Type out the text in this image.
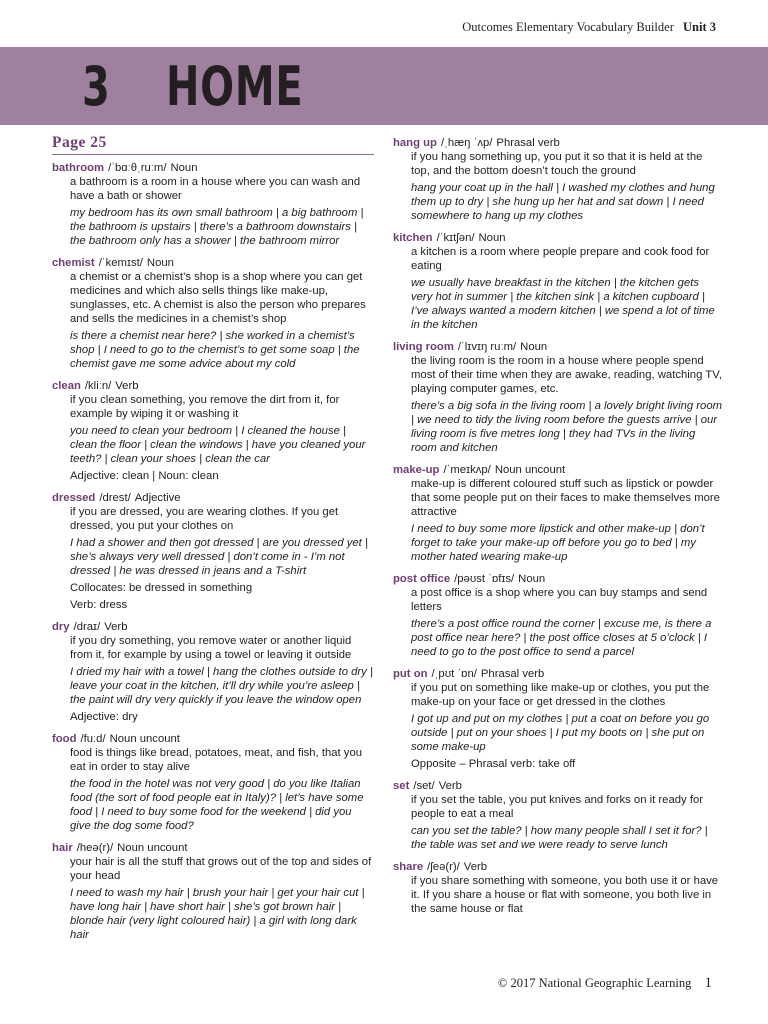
Outcomes Elementary Vocabulary Builder Unit 3
3 HOME
Page 25
bathroom /ˈbɑːθˌruːm/ Noun
a bathroom is a room in a house where you can wash and have a bath or shower
my bedroom has its own small bathroom | a big bathroom | the bathroom is upstairs | there’s a bathroom downstairs | the bathroom only has a shower | the bathroom mirror
chemist /ˈkemɪst/ Noun
a chemist or a chemist’s shop is a shop where you can get medicines and which also sells things like make-up, sunglasses, etc. A chemist is also the person who prepares and sells the medicines in a chemist’s shop
is there a chemist near here? | she worked in a chemist’s shop | I need to go to the chemist’s to get some soap | the chemist gave me some advice about my cold
clean /kliːn/ Verb
if you clean something, you remove the dirt from it, for example by wiping it or washing it
you need to clean your bedroom | I cleaned the house | clean the floor | clean the windows | have you cleaned your teeth? | clean your shoes | clean the car
Adjective: clean | Noun: clean
dressed /drest/ Adjective
if you are dressed, you are wearing clothes. If you get dressed, you put your clothes on
I had a shower and then got dressed | are you dressed yet | she’s always very well dressed | don’t come in - I’m not dressed | he was dressed in jeans and a T-shirt
Collocates: be dressed in something
Verb: dress
dry /draɪ/ Verb
if you dry something, you remove water or another liquid from it, for example by using a towel or leaving it outside
I dried my hair with a towel | hang the clothes outside to dry | leave your coat in the kitchen, it’ll dry while you’re asleep | the paint will dry very quickly if you leave the window open
Adjective: dry
food /fuːd/ Noun uncount
food is things like bread, potatoes, meat, and fish, that you eat in order to stay alive
the food in the hotel was not very good | do you like Italian food (the sort of food people eat in Italy)? | let’s have some food | I need to buy some food for the weekend | did you give the dog some food?
hair /heə(r)/ Noun uncount
your hair is all the stuff that grows out of the top and sides of your head
I need to wash my hair | brush your hair | get your hair cut | have long hair | have short hair | she’s got brown hair | blonde hair (very light coloured hair) | a girl with long dark hair
hang up /ˌhæŋ ˈʌp/ Phrasal verb
if you hang something up, you put it so that it is held at the top, and the bottom doesn’t touch the ground
hang your coat up in the hall | I washed my clothes and hung them up to dry | she hung up her hat and sat down | I need somewhere to hang up my clothes
kitchen /ˈkɪtʃən/ Noun
a kitchen is a room where people prepare and cook food for eating
we usually have breakfast in the kitchen | the kitchen gets very hot in summer | the kitchen sink | a kitchen cupboard | I’ve always wanted a modern kitchen | we spend a lot of time in the kitchen
living room /ˈlɪvɪŋ ruːm/ Noun
the living room is the room in a house where people spend most of their time when they are awake, reading, watching TV, playing computer games, etc.
there’s a big sofa in the living room | a lovely bright living room | we need to tidy the living room before the guests arrive | our living room is five metres long | they had TVs in the living room and kitchen
make-up /ˈmeɪkʌp/ Noun uncount
make-up is different coloured stuff such as lipstick or powder that some people put on their faces to make themselves more attractive
I need to buy some more lipstick and other make-up | don’t forget to take your make-up off before you go to bed | my mother hated wearing make-up
post office /pəʊst ˈɒfɪs/ Noun
a post office is a shop where you can buy stamps and send letters
there’s a post office round the corner | excuse me, is there a post office near here? | the post office closes at 5 o’clock | I need to go to the post office to send a parcel
put on /ˌpʊt ˈɒn/ Phrasal verb
if you put on something like make-up or clothes, you put the make-up on your face or get dressed in the clothes
I got up and put on my clothes | put a coat on before you go outside | put on your shoes | I put my boots on | she put on some make-up
Opposite – Phrasal verb: take off
set /set/ Verb
if you set the table, you put knives and forks on it ready for people to eat a meal
can you set the table? | how many people shall I set it for? | the table was set and we were ready to serve lunch
share /ʃeə(r)/ Verb
if you share something with someone, you both use it or have it. If you share a house or flat with someone, you both live in the same house or flat
© 2017 National Geographic Learning 1
